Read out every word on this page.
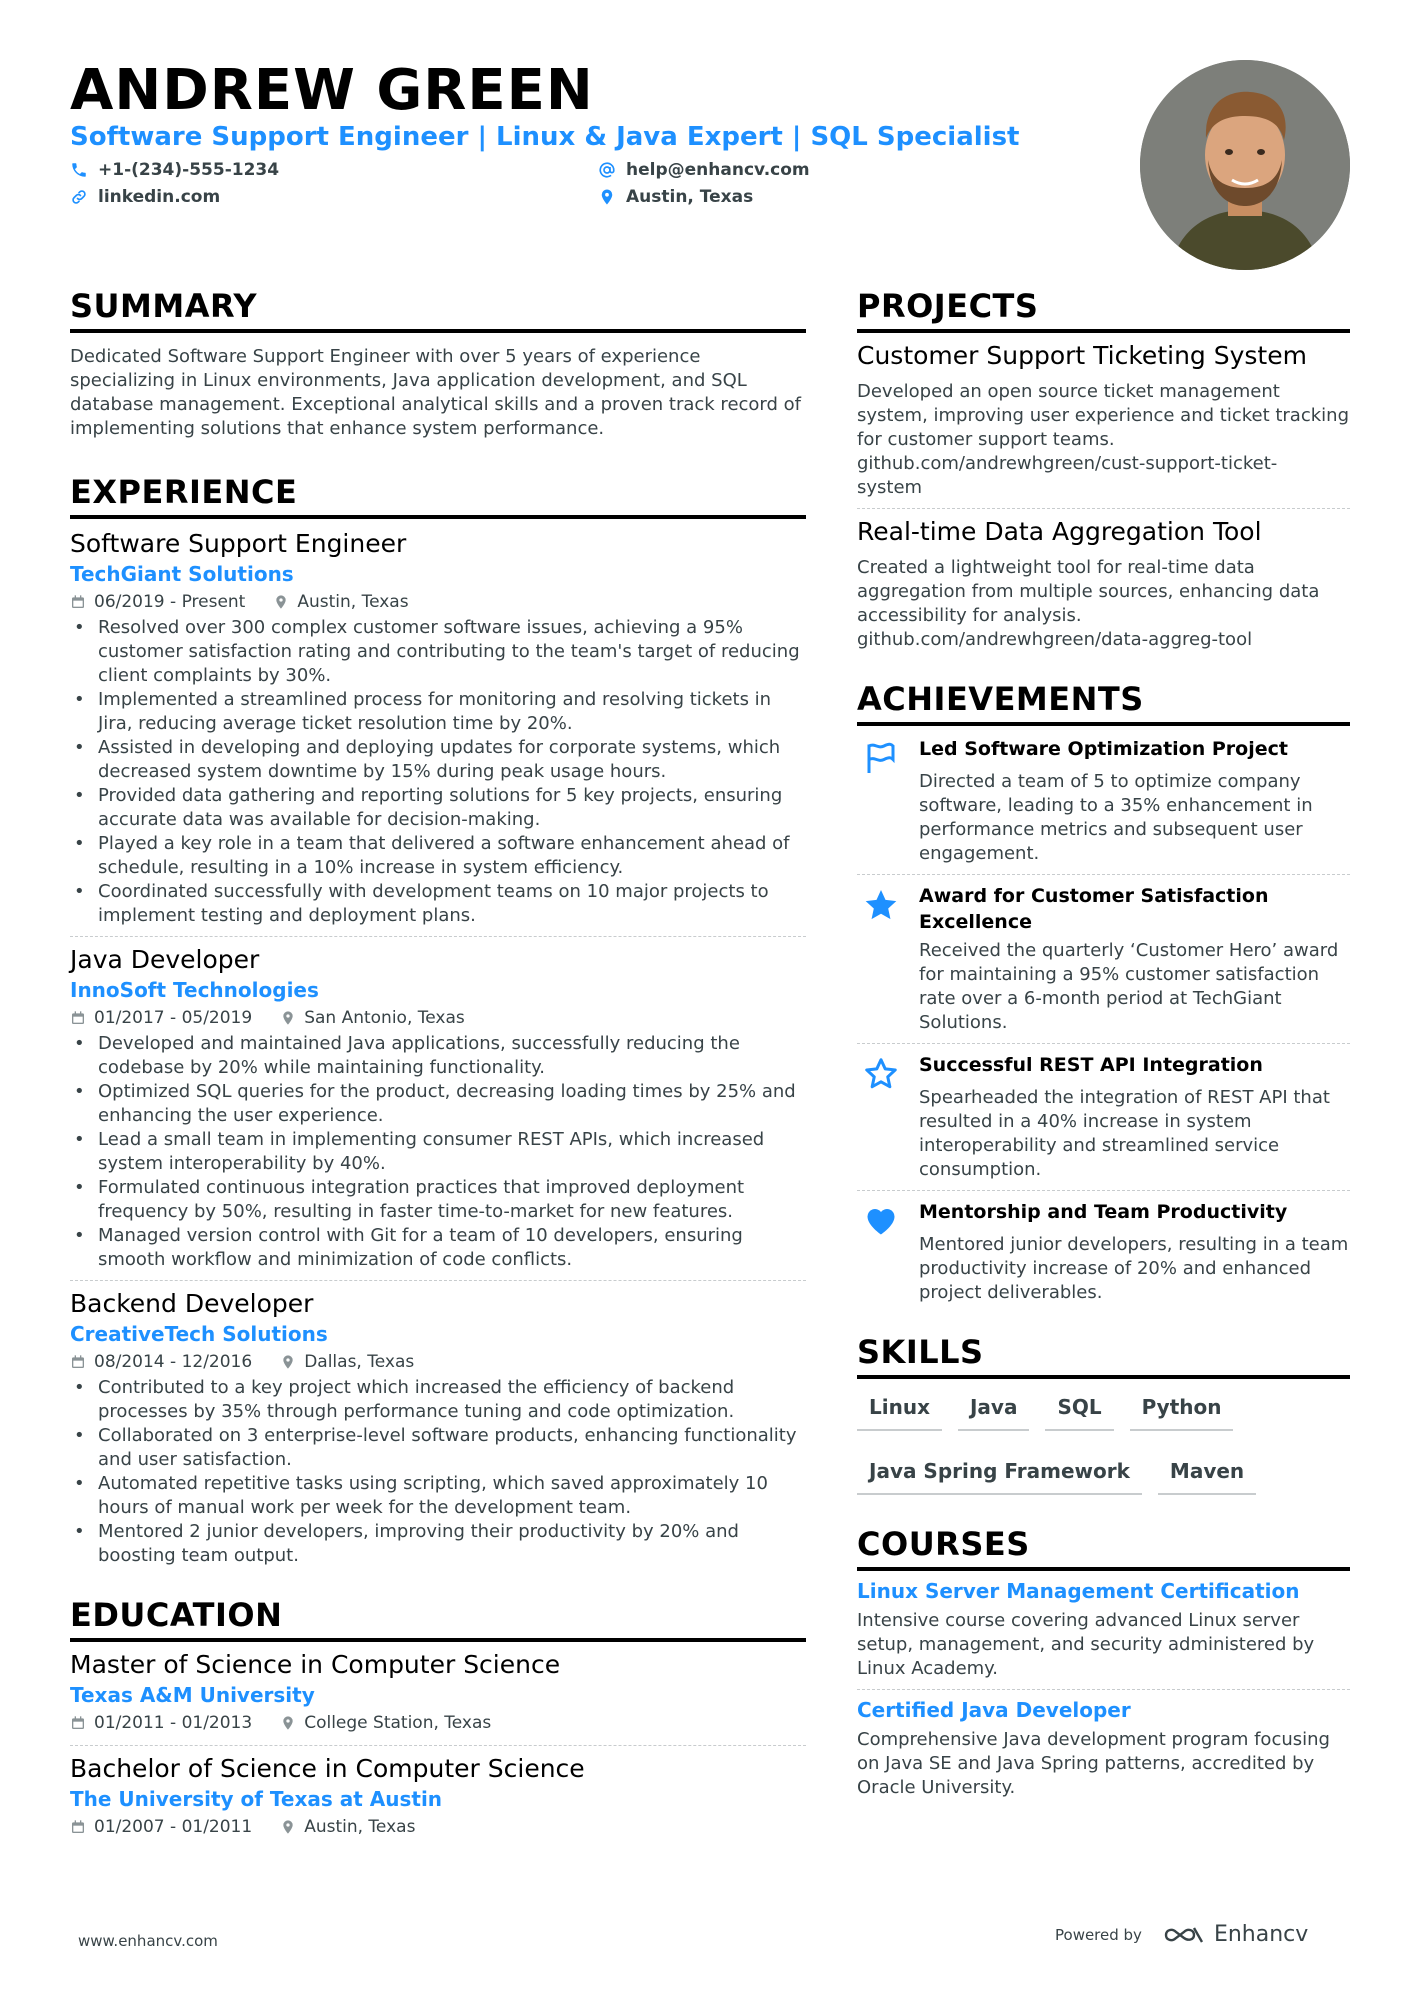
ANDREW GREEN
Software Support Engineer | Linux & Java Expert | SQL Specialist
+1-(234)-555-1234	help@enhancv.com
linkedin.com	Austin, Texas
SUMMARY

Dedicated Software Support Engineer with over 5 years of experience specializing in Linux environments, Java application development, and SQL database management. Exceptional analytical skills and a proven track record of implementing solutions that enhance system performance.

EXPERIENCE
Software Support Engineer
TechGiant Solutions
06/2019 - Present	Austin, Texas
• Resolved over 300 complex customer software issues, achieving a 95% customer satisfaction rating and contributing to the team's target of reducing client complaints by 30%.
• Implemented a streamlined process for monitoring and resolving tickets in Jira, reducing average ticket resolution time by 20%.
• Assisted in developing and deploying updates for corporate systems, which decreased system downtime by 15% during peak usage hours.
• Provided data gathering and reporting solutions for 5 key projects, ensuring accurate data was available for decision-making.
• Played a key role in a team that delivered a software enhancement ahead of schedule, resulting in a 10% increase in system efficiency.
• Coordinated successfully with development teams on 10 major projects to implement testing and deployment plans.
Java Developer
InnoSoft Technologies
01/2017 - 05/2019	San Antonio, Texas
• Developed and maintained Java applications, successfully reducing the codebase by 20% while maintaining functionality.
• Optimized SQL queries for the product, decreasing loading times by 25% and enhancing the user experience.
• Lead a small team in implementing consumer REST APIs, which increased system interoperability by 40%.
• Formulated continuous integration practices that improved deployment frequency by 50%, resulting in faster time-to-market for new features.
• Managed version control with Git for a team of 10 developers, ensuring smooth workflow and minimization of code conflicts.
Backend Developer
CreativeTech Solutions
08/2014 - 12/2016	Dallas, Texas
• Contributed to a key project which increased the efficiency of backend processes by 35% through performance tuning and code optimization.
• Collaborated on 3 enterprise-level software products, enhancing functionality and user satisfaction.
• Automated repetitive tasks using scripting, which saved approximately 10 hours of manual work per week for the development team.
• Mentored 2 junior developers, improving their productivity by 20% and boosting team output.
EDUCATION
Master of Science in Computer Science
Texas A&M University
01/2011 - 01/2013	College Station, Texas
Bachelor of Science in Computer Science
The University of Texas at Austin
01/2007 - 01/2011	Austin, Texas
PROJECTS
Customer Support Ticketing System

Developed an open source ticket management system, improving user experience and ticket tracking for customer support teams.

github.com/andrewhgreen/cust-support-ticket-

system

Real-time Data Aggregation Tool

Created a lightweight tool for real-time data aggregation from multiple sources, enhancing data accessibility for analysis.

github.com/andrewhgreen/data-aggreg-tool

ACHIEVEMENTS
Led Software Optimization Project

Directed a team of 5 to optimize company software, leading to a 35% enhancement in performance metrics and subsequent user engagement.

Award for Customer Satisfaction Excellence

Received the quarterly ‘Customer Hero’ award for maintaining a 95% customer satisfaction rate over a 6-month period at TechGiant Solutions.

Successful REST API Integration

Spearheaded the integration of REST API that resulted in a 40% increase in system interoperability and streamlined service consumption.

Mentorship and Team Productivity

Mentored junior developers, resulting in a team productivity increase of 20% and enhanced project deliverables.

SKILLS
Linux	Java	SQL	Python
Java Spring Framework	Maven
COURSES
Linux Server Management Certification

Intensive course covering advanced Linux server setup, management, and security administered by Linux Academy.

Certified Java Developer

Comprehensive Java development program focusing on Java SE and Java Spring patterns, accredited by Oracle University.

www.enhancv.com	Powered by	Enhancv
